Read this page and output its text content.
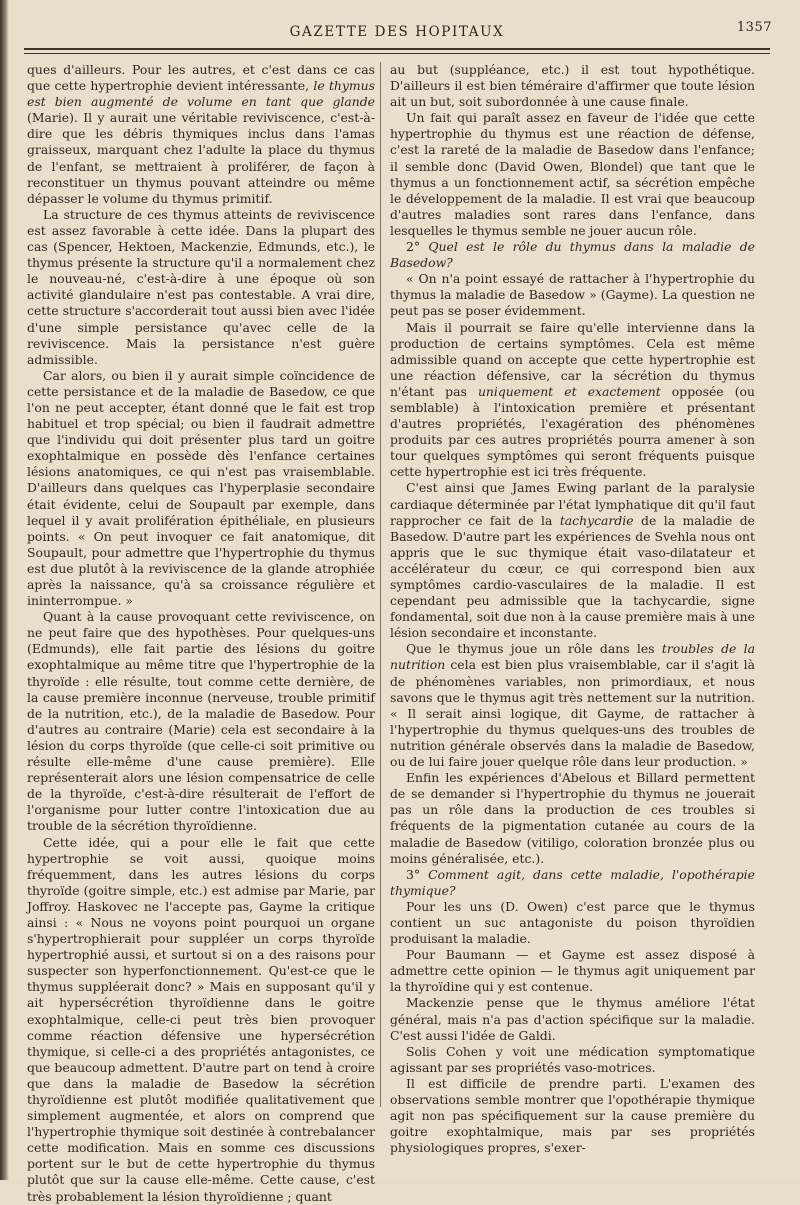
GAZETTE DES HOPITAUX	1357

ques d'ailleurs. Pour les autres, et c'est dans ce cas que cette hypertrophie devient intéressante, le thymus est bien augmenté de volume en tant que glande (Marie). Il y aurait une véritable reviviscence, c'est-à-dire que les débris thymiques inclus dans l'amas graisseux, marquant chez l'adulte la place du thymus de l'enfant, se mettraient à proliférer, de façon à reconstituer un thymus pouvant atteindre ou même dépasser le volume du thymus primitif.

La structure de ces thymus atteints de reviviscence est assez favorable à cette idée. Dans la plupart des cas (Spencer, Hektoen, Mackenzie, Edmunds, etc.), le thymus présente la structure qu'il a normalement chez le nouveau-né, c'est-à-dire à une époque où son activité glandulaire n'est pas contestable. A vrai dire, cette structure s'accorderait tout aussi bien avec l'idée d'une simple persistance qu'avec celle de la reviviscence. Mais la persistance n'est guère admissible.

Car alors, ou bien il y aurait simple coïncidence de cette persistance et de la maladie de Basedow, ce que l'on ne peut accepter, étant donné que le fait est trop habituel et trop spécial; ou bien il faudrait admettre que l'individu qui doit présenter plus tard un goitre exophtalmique en possède dès l'enfance certaines lésions anatomiques, ce qui n'est pas vraisemblable. D'ailleurs dans quelques cas l'hyperplasie secondaire était évidente, celui de Soupault par exemple, dans lequel il y avait prolifération épithéliale, en plusieurs points. « On peut invoquer ce fait anatomique, dit Soupault, pour admettre que l'hypertrophie du thymus est due plutôt à la reviviscence de la glande atrophiée après la naissance, qu'à sa croissance régulière et ininterrompue. »

Quant à la cause provoquant cette reviviscence, on ne peut faire que des hypothèses. Pour quelques-uns (Edmunds), elle fait partie des lésions du goitre exophtalmique au même titre que l'hypertrophie de la thyroïde : elle résulte, tout comme cette dernière, de la cause première inconnue (nerveuse, trouble primitif de la nutrition, etc.), de la maladie de Basedow. Pour d'autres au contraire (Marie) cela est secondaire à la lésion du corps thyroïde (que celle-ci soit primitive ou résulte elle-même d'une cause première). Elle représenterait alors une lésion compensatrice de celle de la thyroïde, c'est-à-dire résulterait de l'effort de l'organisme pour lutter contre l'intoxication due au trouble de la sécrétion thyroïdienne.

Cette idée, qui a pour elle le fait que cette hypertrophie se voit aussi, quoique moins fréquemment, dans les autres lésions du corps thyroïde (goitre simple, etc.) est admise par Marie, par Joffroy. Haskovec ne l'accepte pas, Gayme la critique ainsi : « Nous ne voyons point pourquoi un organe s'hypertrophierait pour suppléer un corps thyroïde hypertrophié aussi, et surtout si on a des raisons pour suspecter son hyperfonctionnement. Qu'est-ce que le thymus suppléerait donc? » Mais en supposant qu'il y ait hypersécrétion thyroïdienne dans le goitre exophtalmique, celle-ci peut très bien provoquer comme réaction défensive une hypersécrétion thymique, si celle-ci a des propriétés antagonistes, ce que beaucoup admettent. D'autre part on tend à croire que dans la maladie de Basedow la sécrétion thyroïdienne est plutôt modifiée qualitativement que simplement augmentée, et alors on comprend que l'hypertrophie thymique soit destinée à contrebalancer cette modification. Mais en somme ces discussions portent sur le but de cette hypertrophie du thymus plutôt que sur la cause elle-même. Cette cause, c'est très probablement la lésion thyroïdienne ; quant

au but (suppléance, etc.) il est tout hypothétique. D'ailleurs il est bien téméraire d'affirmer que toute lésion ait un but, soit subordonnée à une cause finale.

Un fait qui paraît assez en faveur de l'idée que cette hypertrophie du thymus est une réaction de défense, c'est la rareté de la maladie de Basedow dans l'enfance; il semble donc (David Owen, Blondel) que tant que le thymus a un fonctionnement actif, sa sécrétion empêche le développement de la maladie. Il est vrai que beaucoup d'autres maladies sont rares dans l'enfance, dans lesquelles le thymus semble ne jouer aucun rôle.

2° Quel est le rôle du thymus dans la maladie de Basedow?

« On n'a point essayé de rattacher à l'hypertrophie du thymus la maladie de Basedow » (Gayme). La question ne peut pas se poser évidemment.

Mais il pourrait se faire qu'elle intervienne dans la production de certains symptômes. Cela est même admissible quand on accepte que cette hypertrophie est une réaction défensive, car la sécrétion du thymus n'étant pas uniquement et exactement opposée (ou semblable) à l'intoxication première et présentant d'autres propriétés, l'exagération des phénomènes produits par ces autres propriétés pourra amener à son tour quelques symptômes qui seront fréquents puisque cette hypertrophie est ici très fréquente.

C'est ainsi que James Ewing parlant de la paralysie cardiaque déterminée par l'état lymphatique dit qu'il faut rapprocher ce fait de la tachycardie de la maladie de Basedow. D'autre part les expériences de Svehla nous ont appris que le suc thymique était vaso-dilatateur et accélérateur du cœur, ce qui correspond bien aux symptômes cardio-vasculaires de la maladie. Il est cependant peu admissible que la tachycardie, signe fondamental, soit due non à la cause première mais à une lésion secondaire et inconstante.

Que le thymus joue un rôle dans les troubles de la nutrition cela est bien plus vraisemblable, car il s'agit là de phénomènes variables, non primordiaux, et nous savons que le thymus agit très nettement sur la nutrition. « Il serait ainsi logique, dit Gayme, de rattacher à l'hypertrophie du thymus quelques-uns des troubles de nutrition générale observés dans la maladie de Basedow, ou de lui faire jouer quelque rôle dans leur production. »

Enfin les expériences d'Abelous et Billard permettent de se demander si l'hypertrophie du thymus ne jouerait pas un rôle dans la production de ces troubles si fréquents de la pigmentation cutanée au cours de la maladie de Basedow (vitiligo, coloration bronzée plus ou moins généralisée, etc.).

3° Comment agit, dans cette maladie, l'opothérapie thymique?

Pour les uns (D. Owen) c'est parce que le thymus contient un suc antagoniste du poison thyroïdien produisant la maladie.

Pour Baumann — et Gayme est assez disposé à admettre cette opinion — le thymus agit uniquement par la thyroïdine qui y est contenue.

Mackenzie pense que le thymus améliore l'état général, mais n'a pas d'action spécifique sur la maladie. C'est aussi l'idée de Galdi.

Solis Cohen y voit une médication symptomatique agissant par ses propriétés vaso-motrices.

Il est difficile de prendre parti. L'examen des observations semble montrer que l'opothérapie thymique agit non pas spécifiquement sur la cause première du goitre exophtalmique, mais par ses propriétés physiologiques propres, s'exer-
